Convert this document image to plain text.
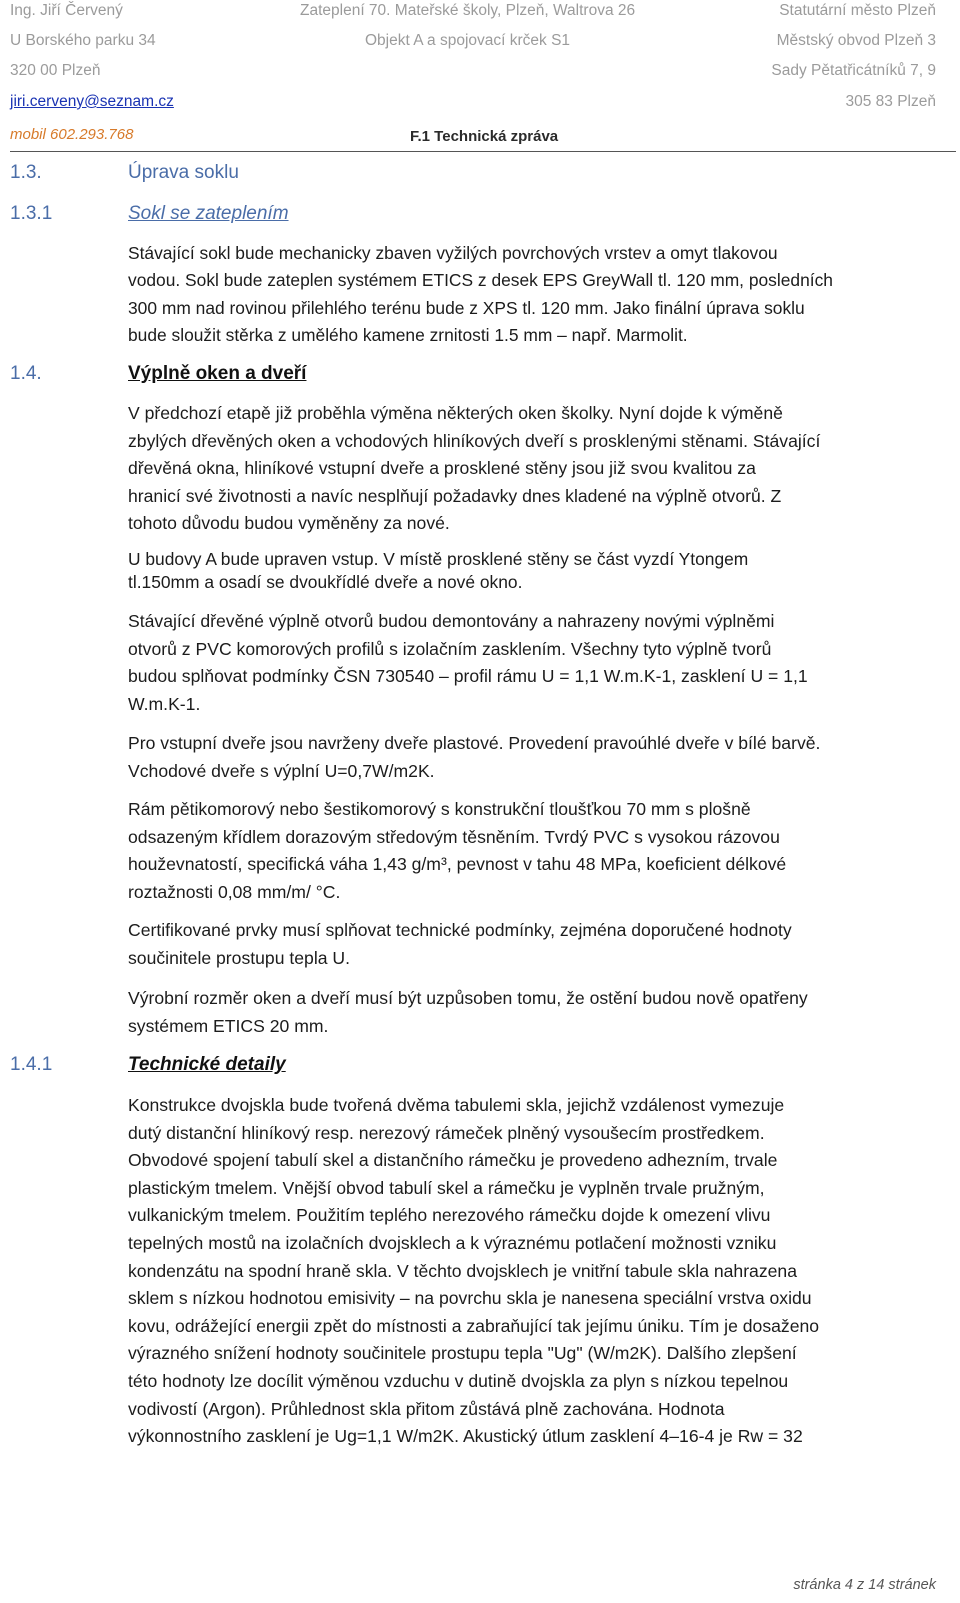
Ing. Jiří Červený
U Borského parku 34
320 00 Plzeň
jiri.cerveny@seznam.cz
mobil 602.293.768
Zateplení 70. Mateřské školy, Plzeň, Waltrova 26
Objekt A a spojovací krček S1
Statutární město Plzeň
Městský obvod Plzeň 3
Sady Pětatřicátníků 7, 9
305 83 Plzeň
F.1 Technická zpráva
1.3.	Úprava soklu
1.3.1	Sokl se zateplením

Stávající sokl bude mechanicky zbaven vyžilých povrchových vrstev a omyt tlakovou

vodou. Sokl bude zateplen systémem ETICS z desek EPS GreyWall tl. 120 mm, posledních

300 mm nad rovinou přilehlého terénu bude z XPS tl. 120 mm. Jako finální úprava soklu

bude sloužit stěrka z umělého kamene zrnitosti 1.5 mm – např. Marmolit.

1.4.	Výplně oken a dveří

V předchozí etapě již proběhla výměna některých oken školky. Nyní dojde k výměně

zbylých dřevěných oken a vchodových hliníkových dveří s prosklenými stěnami. Stávající

dřevěná okna, hliníkové vstupní dveře a prosklené stěny jsou již svou kvalitou za

hranicí své životnosti a navíc nesplňují požadavky dnes kladené na výplně otvorů. Z

tohoto důvodu budou vyměněny za nové.

U budovy A bude upraven vstup. V místě prosklené stěny se část vyzdí Ytongem

tl.150mm a osadí se dvoukřídlé dveře a nové okno.

Stávající dřevěné výplně otvorů budou demontovány a nahrazeny novými výplněmi

otvorů z PVC komorových profilů s izolačním zasklením. Všechny tyto výplně tvorů

budou splňovat podmínky ČSN 730540 – profil rámu U = 1,1 W.m.K-1, zasklení U = 1,1

W.m.K-1.

Pro vstupní dveře jsou navrženy dveře plastové. Provedení pravoúhlé dveře v bílé barvě.

Vchodové dveře s výplní U=0,7W/m2K.

Rám pětikomorový nebo šestikomorový s konstrukční tloušťkou 70 mm s plošně

odsazeným křídlem dorazovým středovým těsněním. Tvrdý PVC s vysokou rázovou

houževnatostí, specifická váha 1,43 g/m³, pevnost v tahu 48 MPa, koeficient délkové

roztažnosti 0,08 mm/m/ °C.

Certifikované prvky musí splňovat technické podmínky, zejména doporučené hodnoty

součinitele prostupu tepla U.

Výrobní rozměr oken a dveří musí být uzpůsoben tomu, že ostění budou nově opatřeny

systémem ETICS 20 mm.

1.4.1	Technické detaily

Konstrukce dvojskla bude tvořená dvěma tabulemi skla, jejichž vzdálenost vymezuje

dutý distanční hliníkový resp. nerezový rámeček plněný vysoušecím prostředkem.

Obvodové spojení tabulí skel a distančního rámečku je provedeno adhezním, trvale

plastickým tmelem. Vnější obvod tabulí skel a rámečku je vyplněn trvale pružným,

vulkanickým tmelem. Použitím teplého nerezového rámečku dojde k omezení vlivu

tepelných mostů na izolačních dvojsklech a k výraznému potlačení možnosti vzniku

kondenzátu na spodní hraně skla. V těchto dvojsklech je vnitřní tabule skla nahrazena

sklem s nízkou hodnotou emisivity – na povrchu skla je nanesena speciální vrstva oxidu

kovu, odrážející energii zpět do místnosti a zabraňující tak jejímu úniku. Tím je dosaženo

výrazného snížení hodnoty součinitele prostupu tepla "Ug" (W/m2K). Dalšího zlepšení

této hodnoty lze docílit výměnou vzduchu v dutině dvojskla za plyn s nízkou tepelnou

vodivostí (Argon). Průhlednost skla přitom zůstává plně zachována. Hodnota

výkonnostního zasklení je Ug=1,1 W/m2K. Akustický útlum zasklení 4–16-4 je Rw = 32

stránka 4 z 14 stránek
